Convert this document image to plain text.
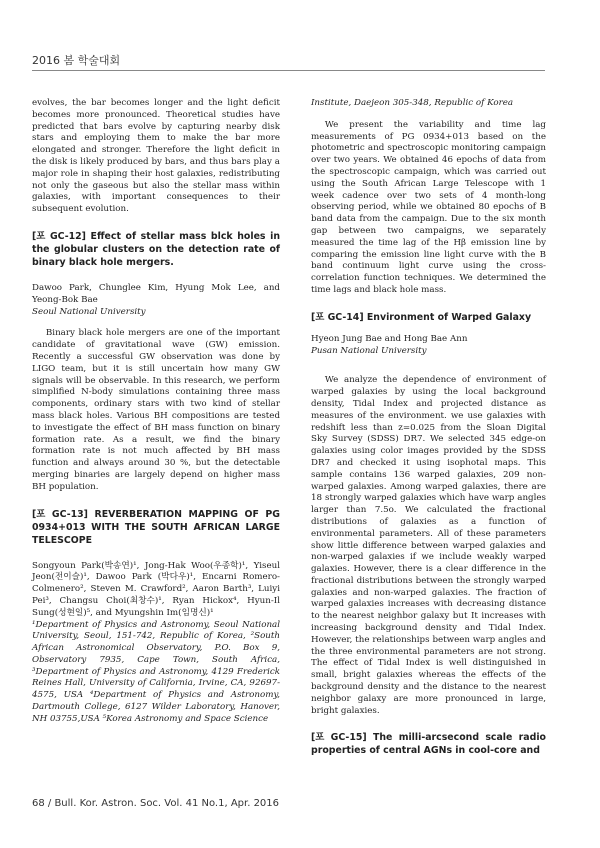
2016 봄 학술대회

evolves, the bar becomes longer and the light deficit becomes more pronounced. Theoretical studies have predicted that bars evolve by capturing nearby disk stars and employing them to make the bar more elongated and stronger. Therefore the light deficit in the disk is likely produced by bars, and thus bars play a major role in shaping their host galaxies, redistributing not only the gaseous but also the stellar mass within galaxies, with important consequences to their subsequent evolution.

[포 GC-12] Effect of stellar mass blck holes in the globular clusters on the detection rate of binary black hole mergers.

Dawoo Park, Chunglee Kim, Hyung Mok Lee, and Yeong-Bok Bae

Seoul National University

Binary black hole mergers are one of the important candidate of gravitational wave (GW) emission. Recently a successful GW observation was done by LIGO team, but it is still uncertain how many GW signals will be observable. In this research, we perform simplified N-body simulations containing three mass components, ordinary stars with two kind of stellar mass black holes. Various BH compositions are tested to investigate the effect of BH mass function on binary formation rate. As a result, we find the binary formation rate is not much affected by BH mass function and always around 30 %, but the detectable merging binaries are largely depend on higher mass BH population.

[포 GC-13] REVERBERATION MAPPING OF PG 0934+013 WITH THE SOUTH AFRICAN LARGE TELESCOPE

Songyoun Park(박송연)¹, Jong-Hak Woo(우종학)¹, Yiseul Jeon(전이슬)¹, Dawoo Park (박다우)¹, Encarni Romero-Colmenero², Steven M. Crawford², Aaron Barth³, Luiyi Pei³, Changsu Choi(최창수)¹, Ryan Hickox⁴, Hyun-Il Sung(성현일)⁵, and Myungshin Im(임명신)¹

¹Department of Physics and Astronomy, Seoul National University, Seoul, 151-742, Republic of Korea, ²South African Astronomical Observatory, P.O. Box 9, Observatory 7935, Cape Town, South Africa, ³Department of Physics and Astronomy, 4129 Frederick Reines Hall, University of California, Irvine, CA, 92697-4575, USA ⁴Department of Physics and Astronomy, Dartmouth College, 6127 Wilder Laboratory, Hanover, NH 03755,USA ⁵Korea Astronomy and Space Science

Institute, Daejeon 305-348, Republic of Korea

We present the variability and time lag measurements of PG 0934+013 based on the photometric and spectroscopic monitoring campaign over two years. We obtained 46 epochs of data from the spectroscopic campaign, which was carried out using the South African Large Telescope with 1 week cadence over two sets of 4 month-long observing period, while we obtained 80 epochs of B band data from the campaign. Due to the six month gap between two campaigns, we separately measured the time lag of the Hβ emission line by comparing the emission line light curve with the B band continuum light curve using the cross-correlation function techniques. We determined the time lags and black hole mass.

[포 GC-14] Environment of Warped Galaxy

Hyeon Jung Bae and Hong Bae Ann

Pusan National University

We analyze the dependence of environment of warped galaxies by using the local background density, Tidal Index and projected distance as measures of the environment. we use galaxies with redshift less than z=0.025 from the Sloan Digital Sky Survey (SDSS) DR7. We selected 345 edge-on galaxies using color images provided by the SDSS DR7 and checked it using isophotal maps. This sample contains 136 warped galaxies, 209 non-warped galaxies. Among warped galaxies, there are 18 strongly warped galaxies which have warp angles larger than 7.5o. We calculated the fractional distributions of galaxies as a function of environmental parameters. All of these parameters show little difference between warped galaxies and non-warped galaxies if we include weakly warped galaxies. However, there is a clear difference in the fractional distributions between the strongly warped galaxies and non-warped galaxies. The fraction of warped galaxies increases with decreasing distance to the nearest neighbor galaxy but It increases with increasing background density and Tidal Index. However, the relationships between warp angles and the three environmental parameters are not strong. The effect of Tidal Index is well distinguished in small, bright galaxies whereas the effects of the background density and the distance to the nearest neighbor galaxy are more pronounced in large, bright galaxies.

[포 GC-15] The milli-arcsecond scale radio properties of central AGNs in cool-core and

68 / Bull. Kor. Astron. Soc. Vol. 41 No.1, Apr. 2016
